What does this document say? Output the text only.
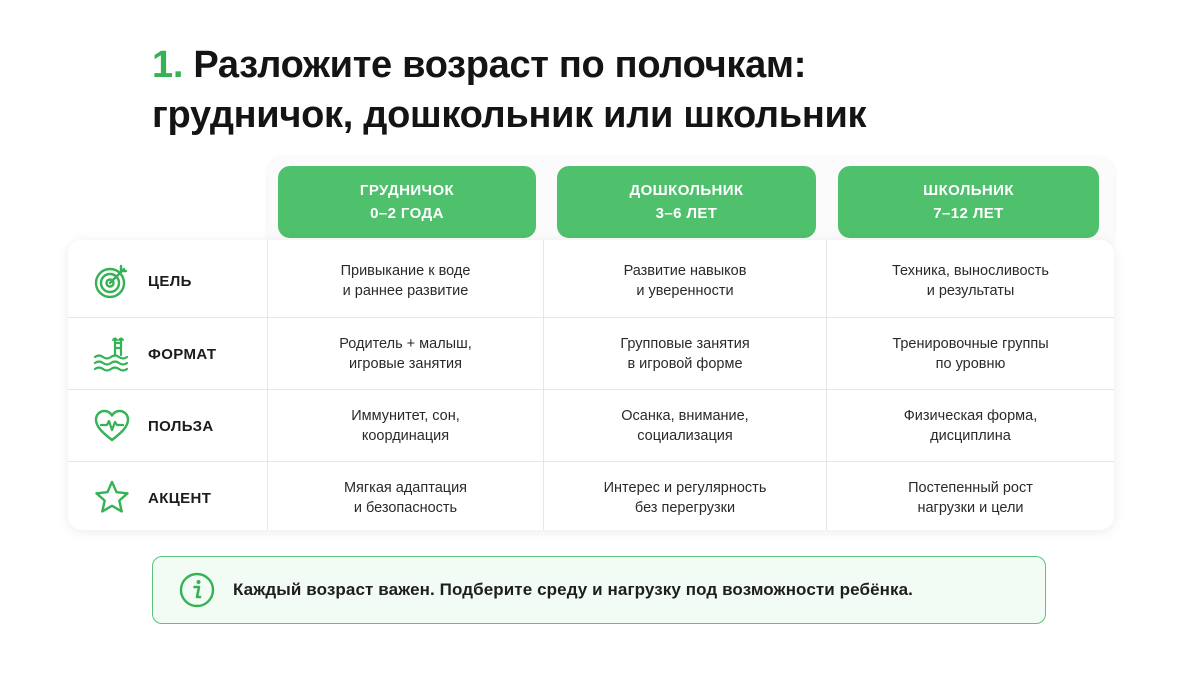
1. Разложите возраст по полочкам:
грудничок, дошкольник или школьник
ГРУДНИЧОК
0–2 ГОДА
ДОШКОЛЬНИК
3–6 ЛЕТ
ШКОЛЬНИК
7–12 ЛЕТ
ЦЕЛЬ
Привыкание к воде
и раннее развитие
Развитие навыков
и уверенности
Техника, выносливость
и результаты
ФОРМАТ
Родитель + малыш,
игровые занятия
Групповые занятия
в игровой форме
Тренировочные группы
по уровню
ПОЛЬЗА
Иммунитет, сон,
координация
Осанка, внимание,
социализация
Физическая форма,
дисциплина
АКЦЕНТ
Мягкая адаптация
и безопасность
Интерес и регулярность
без перегрузки
Постепенный рост
нагрузки и цели
Каждый возраст важен. Подберите среду и нагрузку под возможности ребёнка.
